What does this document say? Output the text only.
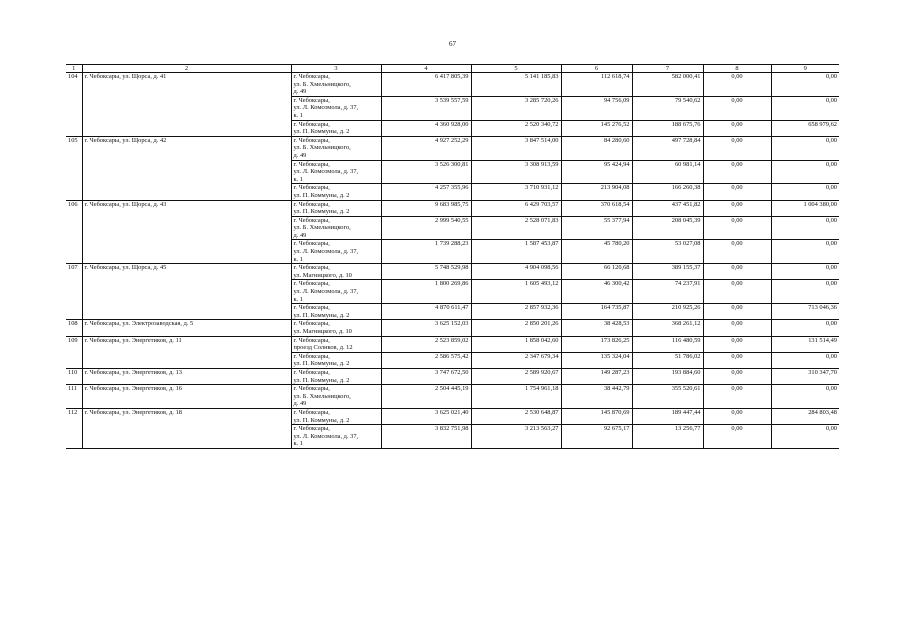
67
1	2	3	4	5	6	7	8	9
104	г. Чебоксары, ул. Щорса, д. 41	г. Чебоксары,
ул. Б. Хмельницкого,
д. 49	6 417 805,39	5 141 185,83	112 618,74	582 000,41	0,00	0,00

		г. Чебоксары,
ул. Л. Комсомола, д. 37,
к. 1	3 539 557,59	3 285 720,26	94 756,09	79 540,62	0,00	0,00

		г. Чебоксары,
ул. П. Коммуны, д. 2	4 360 928,00	2 520 340,72	145 276,52	188 675,76	0,00	658 979,62
105	г. Чебоксары, ул. Щорса, д. 42	г. Чебоксары,
ул. Б. Хмельницкого,
д. 49	4 927 252,29	3 847 514,00	84 280,60	497 728,84	0,00	0,00

		г. Чебоксары,
ул. Л. Комсомола, д. 37,
к. 1	3 526 300,81	3 308 913,59	95 424,94	60 981,14	0,00	0,00

		г. Чебоксары,
ул. П. Коммуны, д. 2	4 257 355,96	3 710 931,12	213 904,08	166 260,38	0,00	0,00
106	г. Чебоксары, ул. Щорса, д. 43	г. Чебоксары,
ул. П. Коммуны, д. 2	9 683 985,75	6 429 703,57	370 618,54	437 451,82	0,00	1 004 380,00

		г. Чебоксары,
ул. Б. Хмельницкого,
д. 49	2 999 540,55	2 528 071,83	55 377,94	208 045,39	0,00	0,00

		г. Чебоксары,
ул. Л. Комсомола, д. 37,
к. 1	1 739 288,23	1 587 453,87	45 780,20	53 027,08	0,00	0,00
107	г. Чебоксары, ул. Щорса, д. 45	г. Чебоксары,
ул. Магницкого, д. 10	5 748 529,98	4 904 098,56	66 120,68	389 155,37	0,00	0,00

		г. Чебоксары,
ул. Л. Комсомола, д. 37,
к. 1	1 800 269,86	1 605 493,12	46 300,42	74 237,91	0,00	0,00

		г. Чебоксары,
ул. П. Коммуны, д. 2	4 870 611,47	2 857 932,36	164 735,87	210 925,26	0,00	713 046,36
108	г. Чебоксары, ул. Электрозаводская, д. 5	г. Чебоксары,
ул. Магницкого, д. 10	3 625 152,03	2 850 201,26	38 428,53	368 261,12	0,00	0,00
109	г. Чебоксары, ул. Энергетиков, д. 11	г. Чебоксары,
проезд Солнков, д. 12	2 523 859,02	1 858 042,60	173 826,25	116 480,59	0,00	131 514,49

		г. Чебоксары,
ул. П. Коммуны, д. 2	2 586 575,42	2 347 679,34	135 324,04	51 786,02	0,00	0,00
110	г. Чебоксары, ул. Энергетиков, д. 13	г. Чебоксары,
ул. П. Коммуны, д. 2	3 747 672,50	2 589 920,67	149 287,23	193 884,60	0,00	310 347,70
111	г. Чебоксары, ул. Энергетиков, д. 16	г. Чебоксары,
ул. Б. Хмельницкого,
д. 49	2 504 445,19	1 754 961,18	38 442,79	355 520,61	0,00	0,00
112	г. Чебоксары, ул. Энергетиков, д. 18	г. Чебоксары,
ул. П. Коммуны, д. 2	3 625 021,40	2 530 648,87	145 870,69	189 447,44	0,00	284 803,48

		г. Чебоксары,
ул. Л. Комсомола, д. 37,
к. 1	3 832 751,98	3 213 563,27	92 675,17	13 256,77	0,00	0,00
